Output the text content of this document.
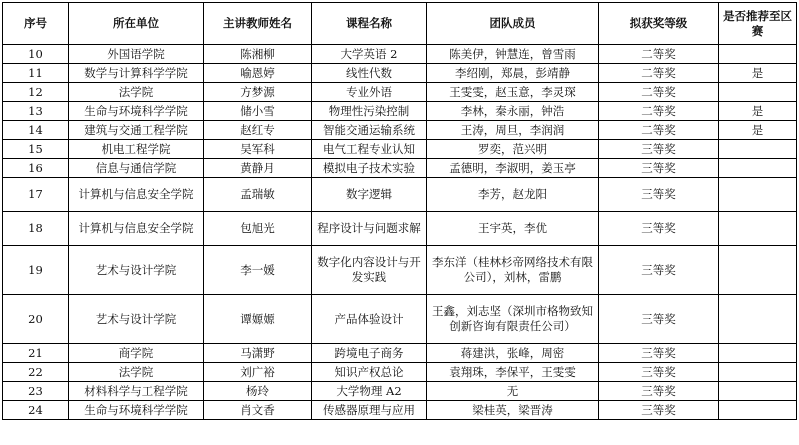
序号	所在单位	主讲教师姓名	课程名称	团队成员	拟获奖等级	是否推荐至区赛
10	外国语学院	陈湘柳	大学英语 2	陈美伊，钟慧连，曾雪雨	二等奖	
11	数学与计算科学学院	喻恩婷	线性代数	李绍刚，郑晨，彭靖静	二等奖	是
12	法学院	方梦源	专业外语	王雯雯，赵玉意，李灵琛	二等奖	
13	生命与环境科学学院	储小雪	物理性污染控制	李林，秦永丽，钟浩	二等奖	是
14	建筑与交通工程学院	赵红专	智能交通运输系统	王涛，周旦，李润润	二等奖	是
15	机电工程学院	吴军科	电气工程专业认知	罗奕，范兴明	三等奖	
16	信息与通信学院	黄静月	模拟电子技术实验	孟德明，李淑明，姜玉亭	三等奖	
17	计算机与信息安全学院	孟瑞敏	数字逻辑	李芳，赵龙阳	三等奖	
18	计算机与信息安全学院	包旭光	程序设计与问题求解	王宇英，李优	三等奖	
19	艺术与设计学院	李一媛	数字化内容设计与开发实践	李东洋（桂林杉帝网络技术有限公司），刘林，雷鹏	三等奖	
20	艺术与设计学院	谭嫄嫄	产品体验设计	王鑫，刘志坚（深圳市格物致知创新咨询有限责任公司）	三等奖	
21	商学院	马潇野	跨境电子商务	蒋建洪，张峰，周密	三等奖	
22	法学院	刘广裕	知识产权总论	袁翔珠，李保平，王雯雯	三等奖	
23	材料科学与工程学院	杨玲	大学物理 A2	无	三等奖	
24	生命与环境科学学院	肖文香	传感器原理与应用	梁桂英，梁晋涛	三等奖	
